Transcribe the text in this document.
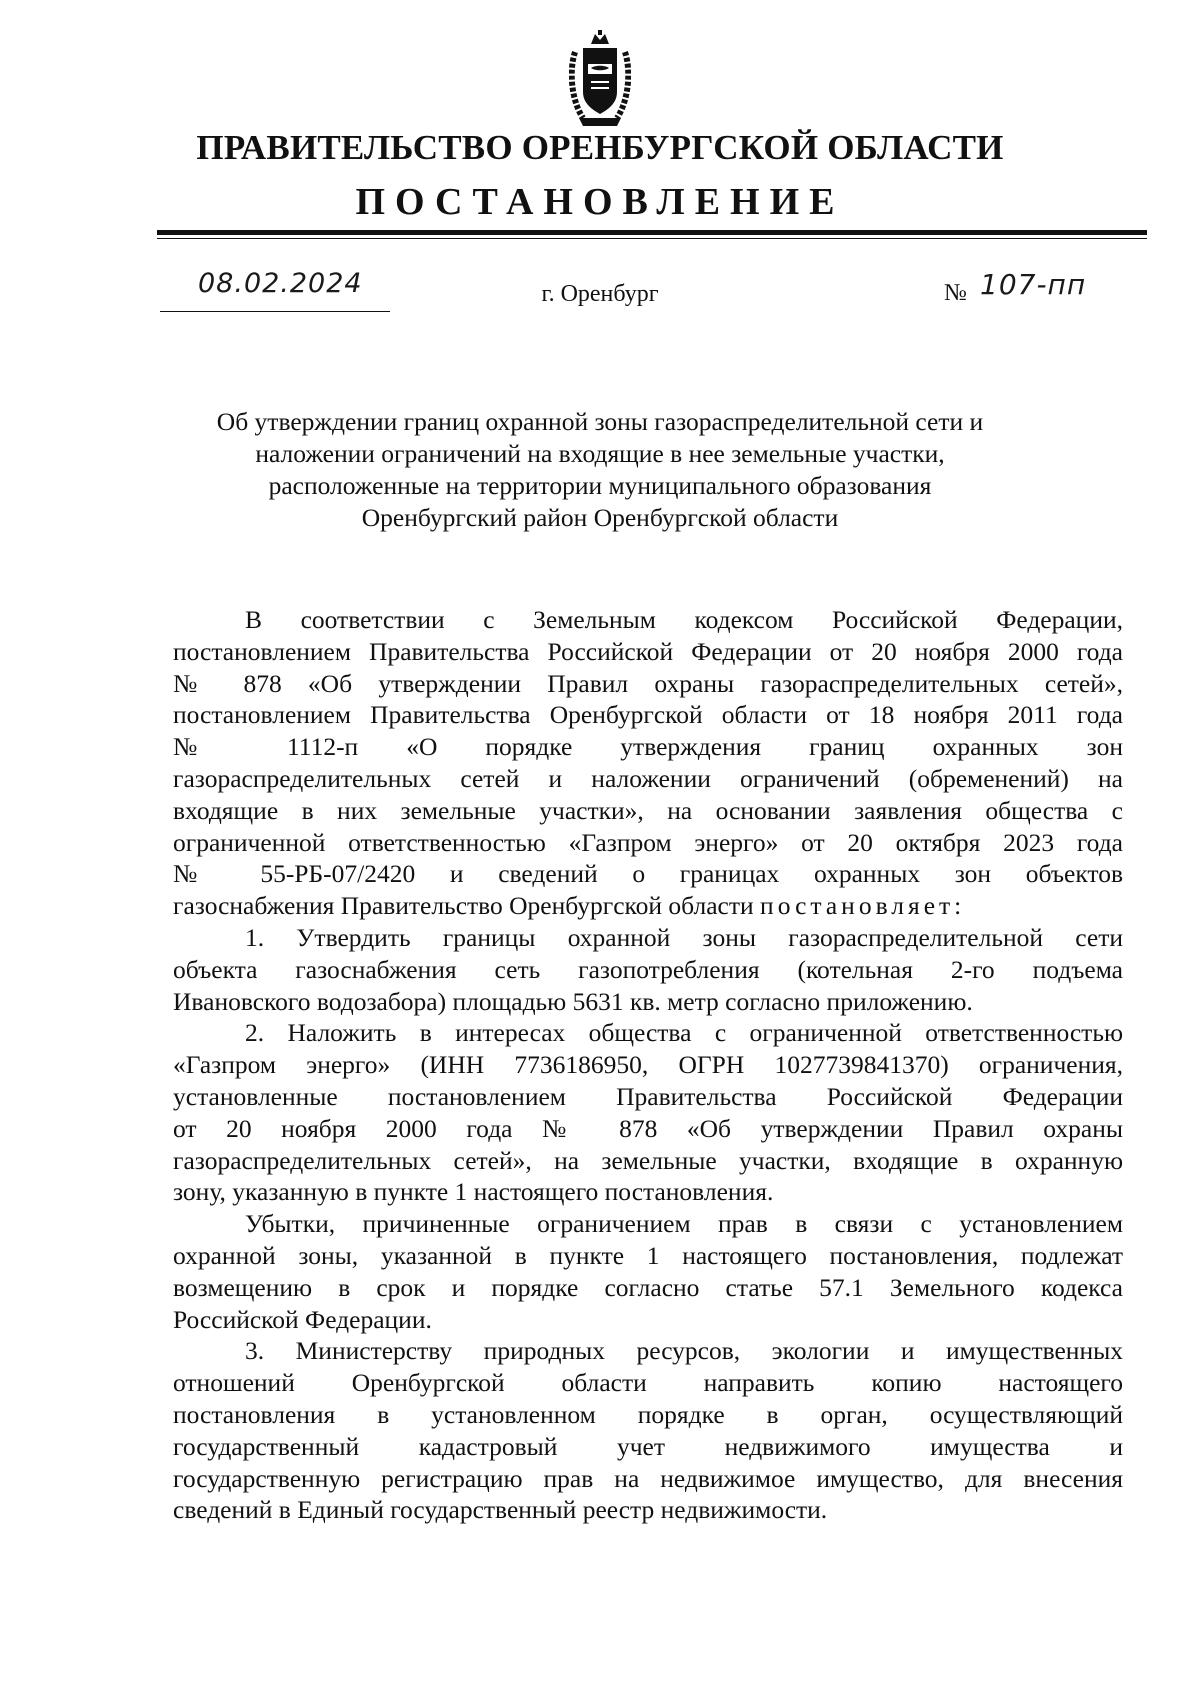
ПРАВИТЕЛЬСТВО ОРЕНБУРГСКОЙ ОБЛАСТИ
ПОСТАНОВЛЕНИЕ
08.02.2024	г. Оренбург	№ 107-пп
Об утверждении границ охранной зоны газораспределительной сети и
наложении ограничений на входящие в нее земельные участки,
расположенные на территории муниципального образования
Оренбургский район Оренбургской области
В соответствии с Земельным кодексом Российской Федерации,
постановлением Правительства Российской Федерации от 20 ноября 2000 года
№ 878 «Об утверждении Правил охраны газораспределительных сетей»,
постановлением Правительства Оренбургской области от 18 ноября 2011 года
№ 1112-п «О порядке утверждения границ охранных зон
газораспределительных сетей и наложении ограничений (обременений) на
входящие в них земельные участки», на основании заявления общества с
ограниченной ответственностью «Газпром энерго» от 20 октября 2023 года
№ 55-РБ-07/2420 и сведений о границах охранных зон объектов
газоснабжения Правительство Оренбургской области постановляет:
1. Утвердить границы охранной зоны газораспределительной сети
объекта газоснабжения сеть газопотребления (котельная 2-го подъема
Ивановского водозабора) площадью 5631 кв. метр согласно приложению.
2. Наложить в интересах общества с ограниченной ответственностью
«Газпром энерго» (ИНН 7736186950, ОГРН 1027739841370) ограничения,
установленные постановлением Правительства Российской Федерации
от 20 ноября 2000 года № 878 «Об утверждении Правил охраны
газораспределительных сетей», на земельные участки, входящие в охранную
зону, указанную в пункте 1 настоящего постановления.
Убытки, причиненные ограничением прав в связи с установлением
охранной зоны, указанной в пункте 1 настоящего постановления, подлежат
возмещению в срок и порядке согласно статье 57.1 Земельного кодекса
Российской Федерации.
3. Министерству природных ресурсов, экологии и имущественных
отношений Оренбургской области направить копию настоящего
постановления в установленном порядке в орган, осуществляющий
государственный кадастровый учет недвижимого имущества и
государственную регистрацию прав на недвижимое имущество, для внесения
сведений в Единый государственный реестр недвижимости.
